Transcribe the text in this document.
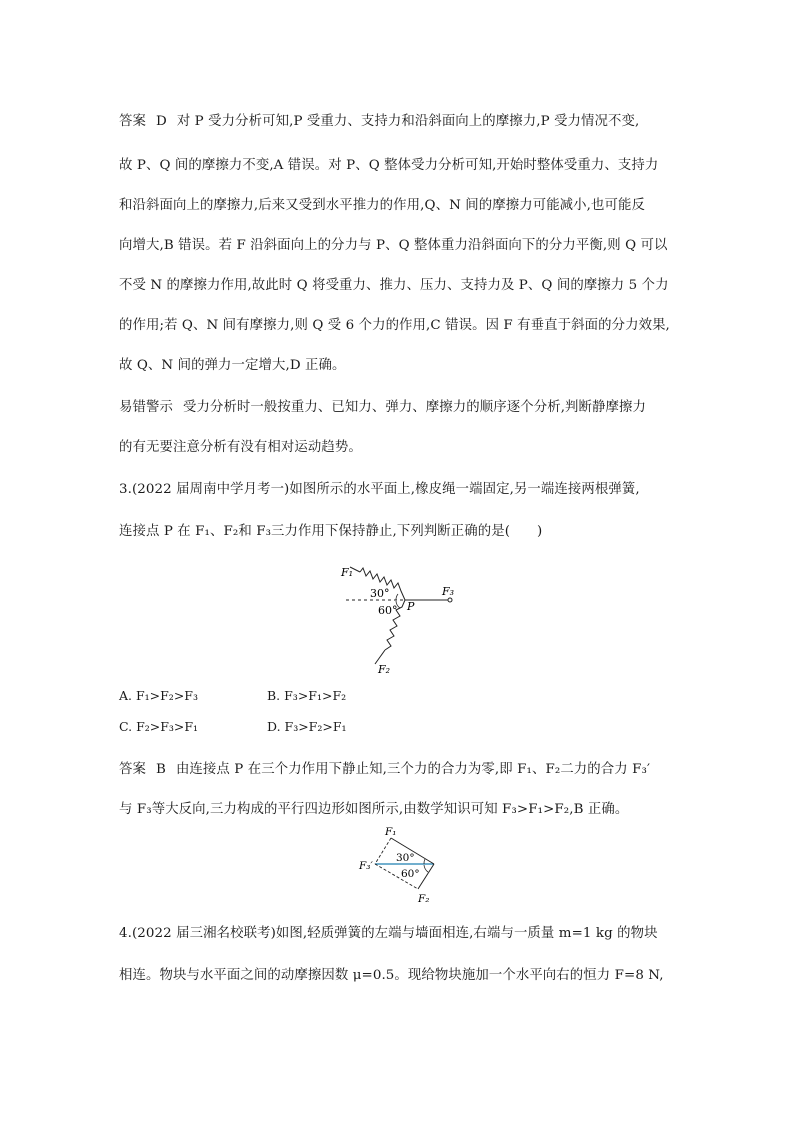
答案 D 对 P 受力分析可知,P 受重力、支持力和沿斜面向上的摩擦力,P 受力情况不变,
故 P、Q 间的摩擦力不变,A 错误。对 P、Q 整体受力分析可知,开始时整体受重力、支持力
和沿斜面向上的摩擦力,后来又受到水平推力的作用,Q、N 间的摩擦力可能减小,也可能反
向增大,B 错误。若 F 沿斜面向上的分力与 P、Q 整体重力沿斜面向下的分力平衡,则 Q 可以
不受 N 的摩擦力作用,故此时 Q 将受重力、推力、压力、支持力及 P、Q 间的摩擦力 5 个力
的作用;若 Q、N 间有摩擦力,则 Q 受 6 个力的作用,C 错误。因 F 有垂直于斜面的分力效果,
故 Q、N 间的弹力一定增大,D 正确。
易错警示 受力分析时一般按重力、已知力、弹力、摩擦力的顺序逐个分析,判断静摩擦力
的有无要注意分析有没有相对运动趋势。
3.(2022 届周南中学月考一)如图所示的水平面上,橡皮绳一端固定,另一端连接两根弹簧,
连接点 P 在 F₁、F₂和 F₃三力作用下保持静止,下列判断正确的是(　　)
F₁
F₃
P
30°
60°
F₂
A. F₁>F₂>F₃	B. F₃>F₁>F₂
C. F₂>F₃>F₁	D. F₃>F₂>F₁
答案 B 由连接点 P 在三个力作用下静止知,三个力的合力为零,即 F₁、F₂二力的合力 F₃′
与 F₃等大反向,三力构成的平行四边形如图所示,由数学知识可知 F₃>F₁>F₂,B 正确。
F₁
F₃′
30°
60°
F₂
4.(2022 届三湘名校联考)如图,轻质弹簧的左端与墙面相连,右端与一质量 m=1 kg 的物块
相连。物块与水平面之间的动摩擦因数 μ=0.5。现给物块施加一个水平向右的恒力 F=8 N,
